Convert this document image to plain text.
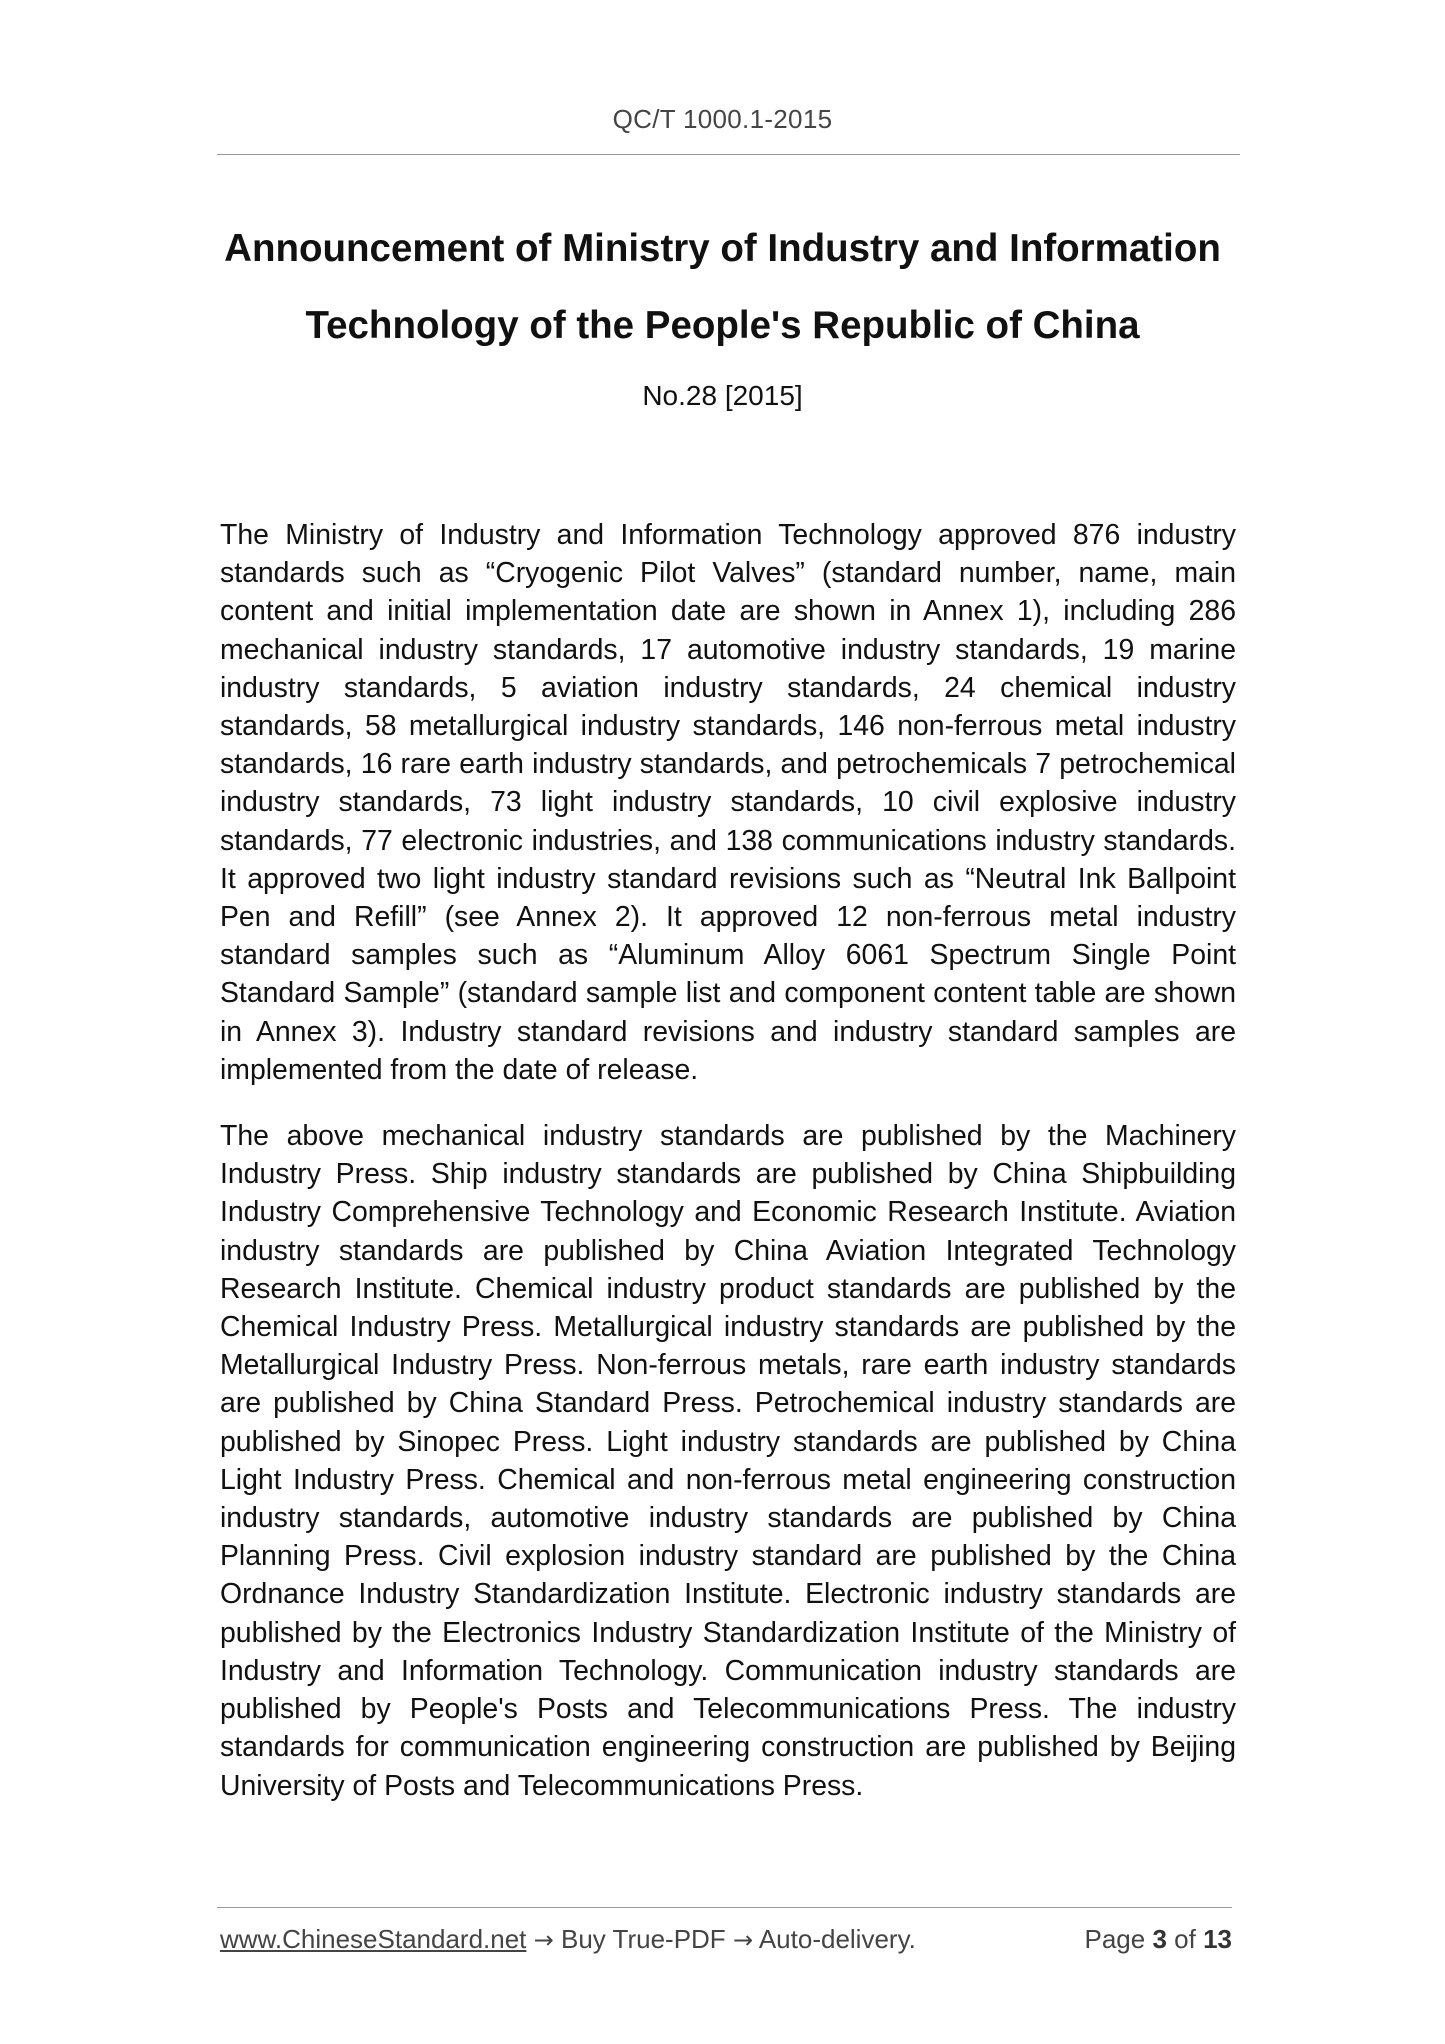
QC/T 1000.1-2015
Announcement of Ministry of Industry and Information
Technology of the People's Republic of China
No.28 [2015]

The Ministry of Industry and Information Technology approved 876 industry standards such as “Cryogenic Pilot Valves” (standard number, name, main content and initial implementation date are shown in Annex 1), including 286 mechanical industry standards, 17 automotive industry standards, 19 marine industry standards, 5 aviation industry standards, 24 chemical industry standards, 58 metallurgical industry standards, 146 non-ferrous metal industry standards, 16 rare earth industry standards, and petrochemicals 7 petrochemical industry standards, 73 light industry standards, 10 civil explosive industry standards, 77 electronic industries, and 138 communications industry standards. It approved two light industry standard revisions such as “Neutral Ink Ballpoint Pen and Refill” (see Annex 2). It approved 12 non-ferrous metal industry standard samples such as “Aluminum Alloy 6061 Spectrum Single Point Standard Sample” (standard sample list and component content table are shown in Annex 3). Industry standard revisions and industry standard samples are implemented from the date of release.

The above mechanical industry standards are published by the Machinery Industry Press. Ship industry standards are published by China Shipbuilding Industry Comprehensive Technology and Economic Research Institute. Aviation industry standards are published by China Aviation Integrated Technology Research Institute. Chemical industry product standards are published by the Chemical Industry Press. Metallurgical industry standards are published by the Metallurgical Industry Press. Non-ferrous metals, rare earth industry standards are published by China Standard Press. Petrochemical industry standards are published by Sinopec Press. Light industry standards are published by China Light Industry Press. Chemical and non-ferrous metal engineering construction industry standards, automotive industry standards are published by China Planning Press. Civil explosion industry standard are published by the China Ordnance Industry Standardization Institute. Electronic industry standards are published by the Electronics Industry Standardization Institute of the Ministry of Industry and Information Technology. Communication industry standards are published by People's Posts and Telecommunications Press. The industry standards for communication engineering construction are published by Beijing University of Posts and Telecommunications Press.

www.ChineseStandard.net → Buy True-PDF → Auto-delivery.	Page 3 of 13
